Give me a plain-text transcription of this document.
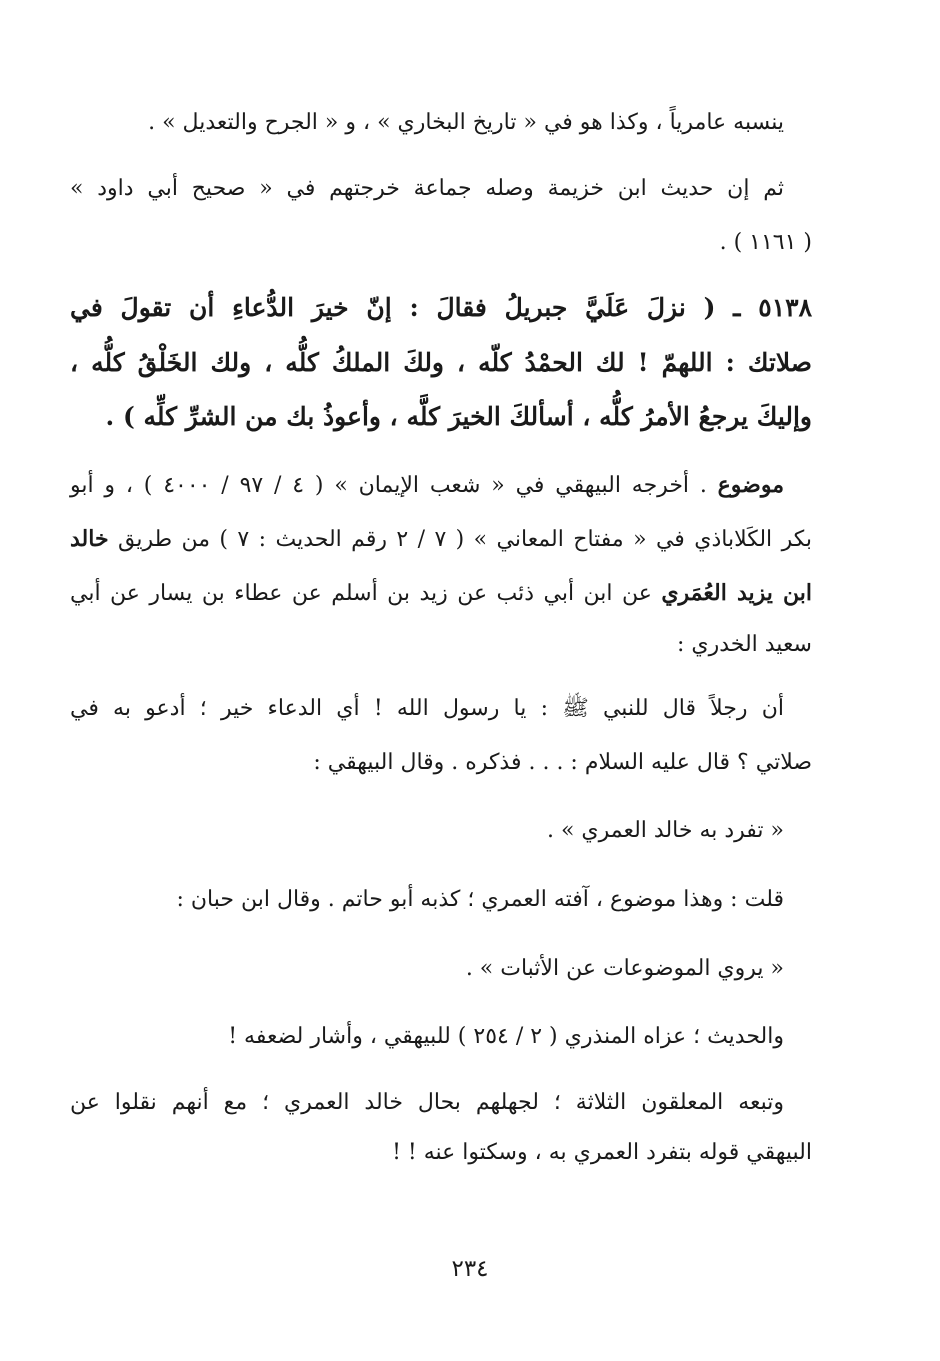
ينسبه عامرياً ، وكذا هو في « تاريخ البخاري » ، و « الجرح والتعديل » .
ثم إن حديث ابن خزيمة وصله جماعة خرجتهم في « صحيح أبي داود »
( ١١٦١ ) .
٥١٣٨ ـ ( نزلَ عَلَيَّ جبريلُ فقالَ : إنّ خيرَ الدُّعاءِ أن تقولَ في
صلاتك : اللهمّ ! لك الحمْدُ كلّه ، ولكَ الملكُ كلُّه ، ولك الخَلْقُ كلُّه ،
وإليكَ يرجعُ الأمرُ كلُّه ، أسألكَ الخيرَ كلَّه ، وأعوذُ بك من الشرِّ كلِّه ) .
موضوع . أخرجه البيهقي في « شعب الإيمان » ( ٤ / ٩٧ / ٤٠٠٠ ) ، و أبو
بكر الكَلاباذي في « مفتاح المعاني » ( ٧ / ٢ رقم الحديث : ٧ ) من طريق خالد
ابن يزيد العُمَري عن ابن أبي ذئب عن زيد بن أسلم عن عطاء بن يسار عن أبي
سعيد الخدري :
أن رجلاً قال للنبي ﷺ : يا رسول الله ! أي الدعاء خير ؛ أدعو به في
صلاتي ؟ قال عليه السلام : . . . فذكره . وقال البيهقي :
« تفرد به خالد العمري » .
قلت : وهذا موضوع ، آفته العمري ؛ كذبه أبو حاتم . وقال ابن حبان :
« يروي الموضوعات عن الأثبات » .
والحديث ؛ عزاه المنذري ( ٢ / ٢٥٤ ) للبيهقي ، وأشار لضعفه !
وتبعه المعلقون الثلاثة ؛ لجهلهم بحال خالد العمري ؛ مع أنهم نقلوا عن
البيهقي قوله بتفرد العمري به ، وسكتوا عنه ! !
٢٣٤
